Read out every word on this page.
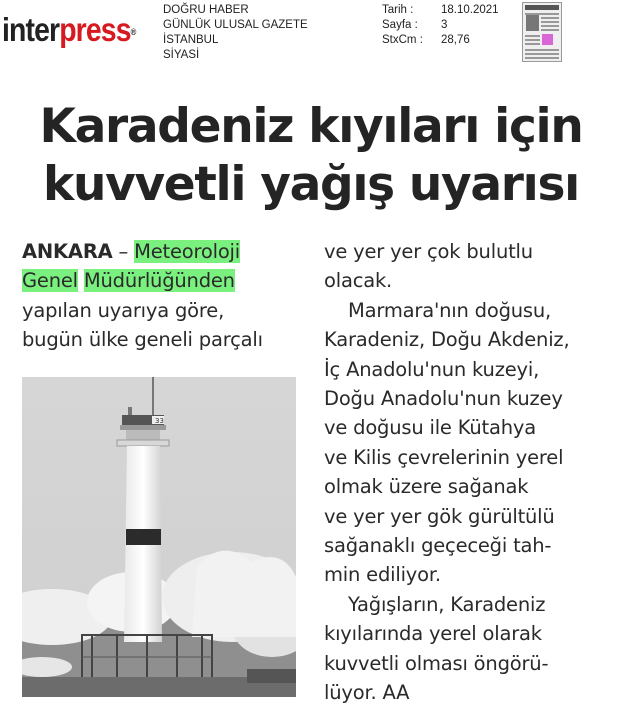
interpress®
DOĞRU HABER
GÜNLÜK ULUSAL GAZETE
İSTANBUL
SİYASİ
Tarih :
Sayfa :
StxCm :
18.10.2021
3
28,76
Karadeniz kıyıları için
kuvvetli yağış uyarısı
ANKARA – Meteoroloji
Genel Müdürlüğünden
yapılan uyarıya göre,
bugün ülke geneli parçalı
33
ve yer yer çok bulutlu
olacak.
Marmara'nın doğusu,
Karadeniz, Doğu Akdeniz,
İç Anadolu'nun kuzeyi,
Doğu Anadolu'nun kuzey
ve doğusu ile Kütahya
ve Kilis çevrelerinin yerel
olmak üzere sağanak
ve yer yer gök gürültülü
sağanaklı geçeceği tah-
min ediliyor.
Yağışların, Karadeniz
kıyılarında yerel olarak
kuvvetli olması öngörü-
lüyor. AA
